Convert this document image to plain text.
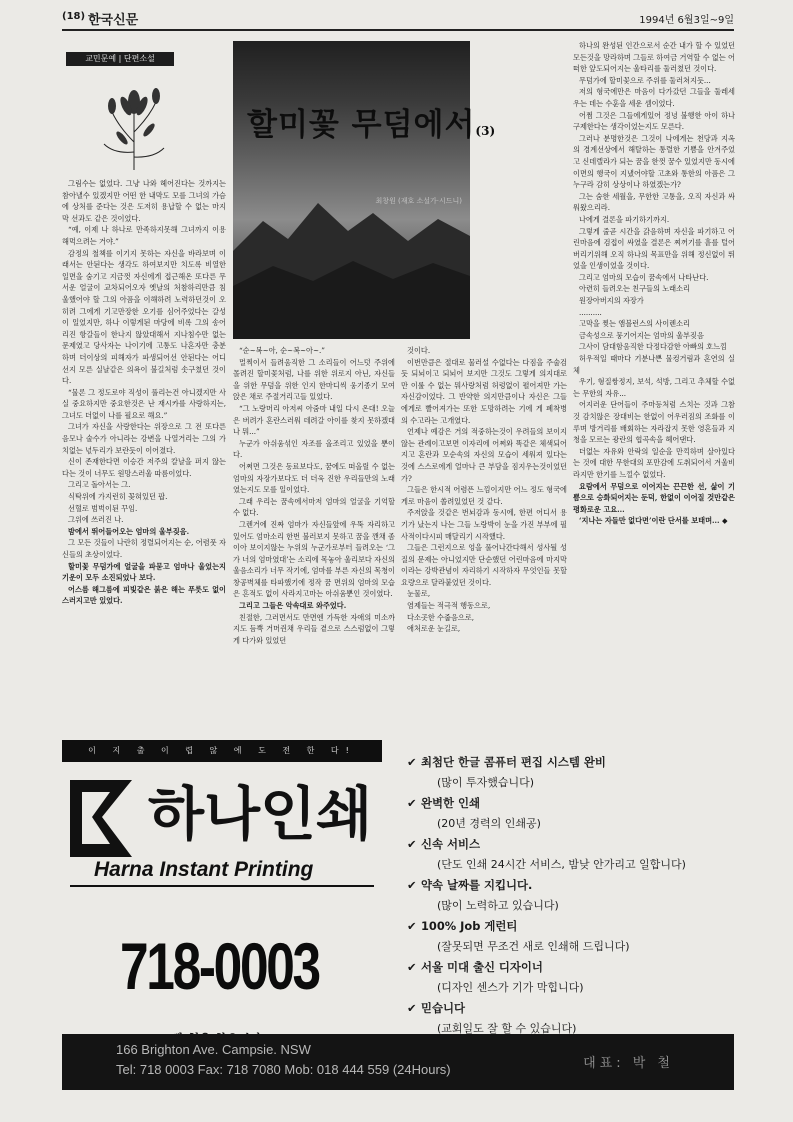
(18) 한국신문	1994년 6월3일~9일
교민문예 | 단편소설
할미꽃 무덤에서(3)
최창원 (재호 소설가·시드니)

그림수는 없었다. 그냥 나와 헤어진다는 것까지는 참아낼수 있겠지만 어떤 한 내막도 모를 그녀의 가슴에 상처를 준다는 것은 도저히 용납할 수 없는 마지막 선과도 같은 것이었다.

“예, 이제 나 하나로 만족하지못해 그녀까지 이용해먹으려는 거야.”

감정의 철책를 이기지 못하는 자신을 바라보며 이래서는 안된다는 생각도 하여보지만 치도록 비열한 일면을 숨기고 지금껏 자신에게 접근해온 또다른 무서운 얼굴이 교차되어오자 옛날의 처참하리만큼 침울했어야 할 그의 아픔을 이해하려 노력하던것이 오히려 그에게 기고만장한 오기를 심어주었다는 갈성이 일었지만, 하나 이렇게된 마당에 비록 그의 송어리진 항갈들이 한나지 않았대해서 지나침수만 없는 문제였고 당사자는 나이기에 고통도 나혼자만 충분하며 더이상의 피해자가 파생되어선 안된다는 어디선지 모른 실날같은 의욕이 불길처럼 솟구쳤던 것이다.

“물론 그 정도로야 직성이 풀리는건 아니겠지만 사실 중요하지만 중요한것은 난 재시카를 사랑하지는, 그녀도 더없이 나를 필요로 해요.”

그녀가 자신을 사랑한다는 위장으로 그 전 또다른 음모나 술수가 아니라는 강변을 나열거리는 그의 가치없는 넋두리가 보란듯이 이어졌다.

신이 존재한다면 이승간 저주의 칼날을 퍼지 않는다는 것이 너무도 원망스러울 따름이었다.

그리고 돌아서는 그.

식탁위에 가지런히 꽂혀있던 팝.

선혈로 범벅이된 꾸임.

그위에 쓰러진 나.

밤에서 뛰어들어오는 엄마의 울부짖음.

그 모든 것들이 나란히 정렬되어지는 순, 어렴풋 자신들의 초상이었다.

할미꽃 무덤가에 얼굴을 파묻고 엄마나 울었는지 기운이 모두 소진되었나 보다.

어스름 해그름에 피빛같은 붉은 해는 푸릇도 없이 스러지고만 있었다.

“순~복~아, 순~복~아~.”

멀찍이서 들려옴직한 그 소리들이 어느덧 주위에 몰려진 할미꽃처럼, 나를 위한 위로지 아닌, 자신들을 위한 무덤을 위한 인지 한마디씩 웅기종기 모여 앉은 채로 주절거리고들 있었다.

“그 노랑머리 아저씨 아줌마 내일 다시 온대! 오늘은 버려가 혼란스러워 데려갈 아이를 찾지 못하겠대나 뭐...”

누군가 아쉬움섞인 자조를 올조리고 있었을 뿐이다.

어쩌면 그것은 동료보다도, 꿈에도 떠올릴 수 없는 엄마의 자장가보다도 더 더욱 진한 우리들만의 노래였는지도 모를 일이었다.

그래 우리는 꿈속에서마저 엄마의 얼굴을 기억할 수 없다.

그렌거에 진짜 엄마가 자신들앞에 우뚝 자리하고 있어도 엄마소리 한번 불러보지 못하고 꿈을 깬채 좀이아 보이지않는 누위의 누군가로부터 들려오는 ‘그가 너의 엄마였대’는 소리에 목놓아 울리보다 자신의 울음소리가 너무 작기에, 엄마를 부른 자신의 목청이 창공벽체를 타파했기에 정작 꿈 면위의 엄마의 모습은 흔적도 없이 사라지고마는 아쉬움뿐인 것이였다.

그리고 그들은 악속대로 와주었다.

친절한, 그러면서도 만면엔 가득한 자애의 미소까지도 듬뿍 거머쥔채 우리들 곁으로 스스럼없이 그렇게 다가와 있었던

것이다.

이번만큼은 절대로 물러설 수없다는 다짐을 주술검듯 되뇌이고 되뇌어 보지만 그것도 그렇게 의지대로만 이룰 수 없는 뭐사랑처럼 허렁없이 펼어져만 가는 자신감이었다. 그 반약한 의지만큼이나 자신은 그들에게로 빨어져가는 또한 도망하려는 기에 게 폐착병의 수고라는 고개였다.

언제나 예감은 거의 적중하는것이 우려들의 보이지 않는 관례이고보면 이자리에 어쩌와 똑같은 체색되어지고 혼란과 모순속의 자신의 모습이 세워져 있다는 것에 스스로에게 얼마나 큰 부담을 짐지우는것이었던가?

그들은 한시적 어렴픈 느낌이지만 어느 정도 형국에게로 마음이 쏠려있었던 것 같다.

주저앉을 것같은 번뇌감과 동시에, 한편 어디서 용기가 났는지 나는 그들 노랑박이 눈을 가진 부부에 필사적이다시피 매달리기 시작했다.

그들은 그런지으로 엉을 풀어나간다해서 성사될 성질의 문제는 아니었지만 단순했던 어린마음에 마지막이라는 강박관념이 자리하기 시작하자 무엇인들 못할요량으로 달라붙었던 것이다.

눈물로,

염제들는 적극적 행동으로,

다소곳한 수줍음으로,

애처로운 눈길로,

하나의 완성된 인간으로서 순간 내가 할 수 있었던 모든것을 망라하며 그들로 하여금 거역할 수 없는 어떠한 앞도되어지는 울타리를 둘러쳤던 것이다.

무덤가에 할미꽃으로 주위를 둘러쳐지듯...

저의 형국에만은 마음이 다가갔던 그들을 둘레세우는 데는 수훈을 세운 셈이었다.

어쩜 그것은 그들에게있어 정녕 불행한 아이 하나 구제한다는 생각이었는지도 모른다.

그러나 분명한것은 그것이 나에게는 천당과 지옥의 경계선상에서 해탈하는 통렬한 기쁨을 안겨주었고 신데렐라가 되는 꿈을 한껏 꿈수 있었지만 동시에 이면의 행국이 지냈어야할 고초와 통한의 아픔은 그누구라 감히 상상이나 하였겠는가?

그는 숨한 세월을, 무한한 고통을, 오직 자신과 싸워왔으리라.

나에게 결론을 파기하기까지.

그렇게 줄곧 시간을 갉음하며 자신을 파기하고 어린마음에 검접이 싸였을 결론은 찌꺼기를 흩를 털어버리기위해 오직 하나의 목표만을 위해 정신없이 뛰었을 인생이었을 것이다.

그리고 엄마의 모습이 꿈속에서 나타난다.

아련히 들려오는 친구들의 노래소리

원장아버지의 자장가

..........

고막을 찢는 앰블런스의 사이렌소리

금속성으로 뭉기어지는 엄마의 울부짖음

그사이 담대함옴직한 다정다감한 아빠의 호느낌

허우적일 때마다 기분나쁜 물컹거림과 혼연의 실체

우기, 형질쌍정지, 보석, 석방, 그리고 추체할 수없는 무한의 자유...

어지러운 단어들이 주마등처럼 스치는 것과 그참것 감치않은 장대비는 한없이 어우러짐의 조화를 이루며 방거리를 배회하는 자라잡지 못한 영혼들과 지청을 모르는 광란의 협곡속을 헤어댄다.

더없는 자유와 안락의 일순을 만끽하며 살아있다는 것에 대한 무한대의 포만감에 도취되어서 겨울비라지만 한기를 느낄수 없었다.

요람에서 무덤으로 이어지는 끈끈한 선, 삶이 기쁨으로 승화되어지는 둔덕, 한없이 이어질 것만같은 평화로운 고요...

‘지나는 자들만 없다면’이란 단서를 보태며... ◆

이 지 출 이 렵 않 에 도 전 한 다!
하나인쇄
Harna Instant Printing
718-0003
✔ 최첨단 한글 콤퓨터 편집 시스템 완비
(많이 투자했습니다)
✔ 완벽한 인쇄
(20년 경력의 인쇄공)
✔ 신속 서비스
(단도 인쇄 24시간 서비스, 밤낮 안가리고 일합니다)
✔ 약속 날짜를 지킵니다.
(많이 노력하고 있습니다)
✔ 100% Job 게런티
(잘못되면 무조건 새로 인쇄해 드립니다)
✔ 서울 미대 출신 디자이너
(디자인 센스가 기가 막힙니다)
✔ 믿습니다
(교회일도 잘 할 수 있습니다)
166 Brighton Ave. Campsie. NSW
Tel: 718 0003 Fax: 718 7080 Mob: 018 444 559 (24Hours)	대표: 박 철
